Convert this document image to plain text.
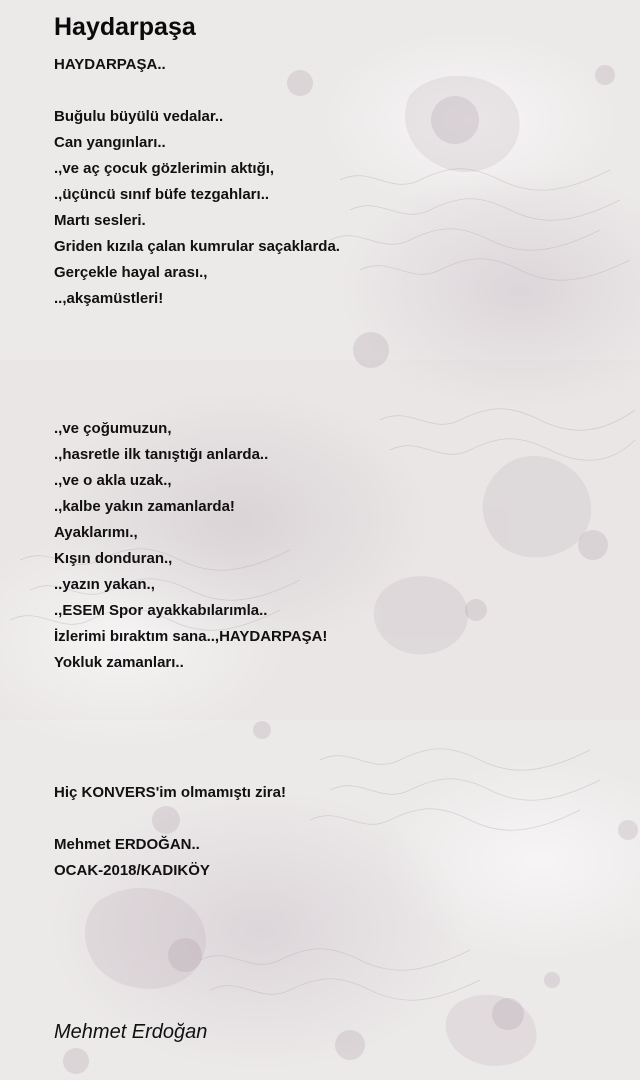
Haydarpaşa
HAYDARPAŞA..
Buğulu büyülü vedalar..
Can yangınları..
.,ve aç çocuk gözlerimin aktığı,
.,üçüncü sınıf büfe tezgahları..
Martı sesleri.
Griden kızıla çalan kumrular saçaklarda.
Gerçekle hayal arası.,
..,akşamüstleri!
.,ve çoğumuzun,
.,hasretle ilk tanıştığı anlarda..
.,ve o akla uzak.,
.,kalbe yakın zamanlarda!
Ayaklarımı.,
Kışın donduran.,
..yazın yakan.,
.,ESEM Spor ayakkabılarımla..
İzlerimi bıraktım sana..,HAYDARPAŞA!
Yokluk zamanları..
Hiç KONVERS'im olmamıştı zira!
Mehmet ERDOĞAN..
OCAK-2018/KADIKÖY
Mehmet Erdoğan
